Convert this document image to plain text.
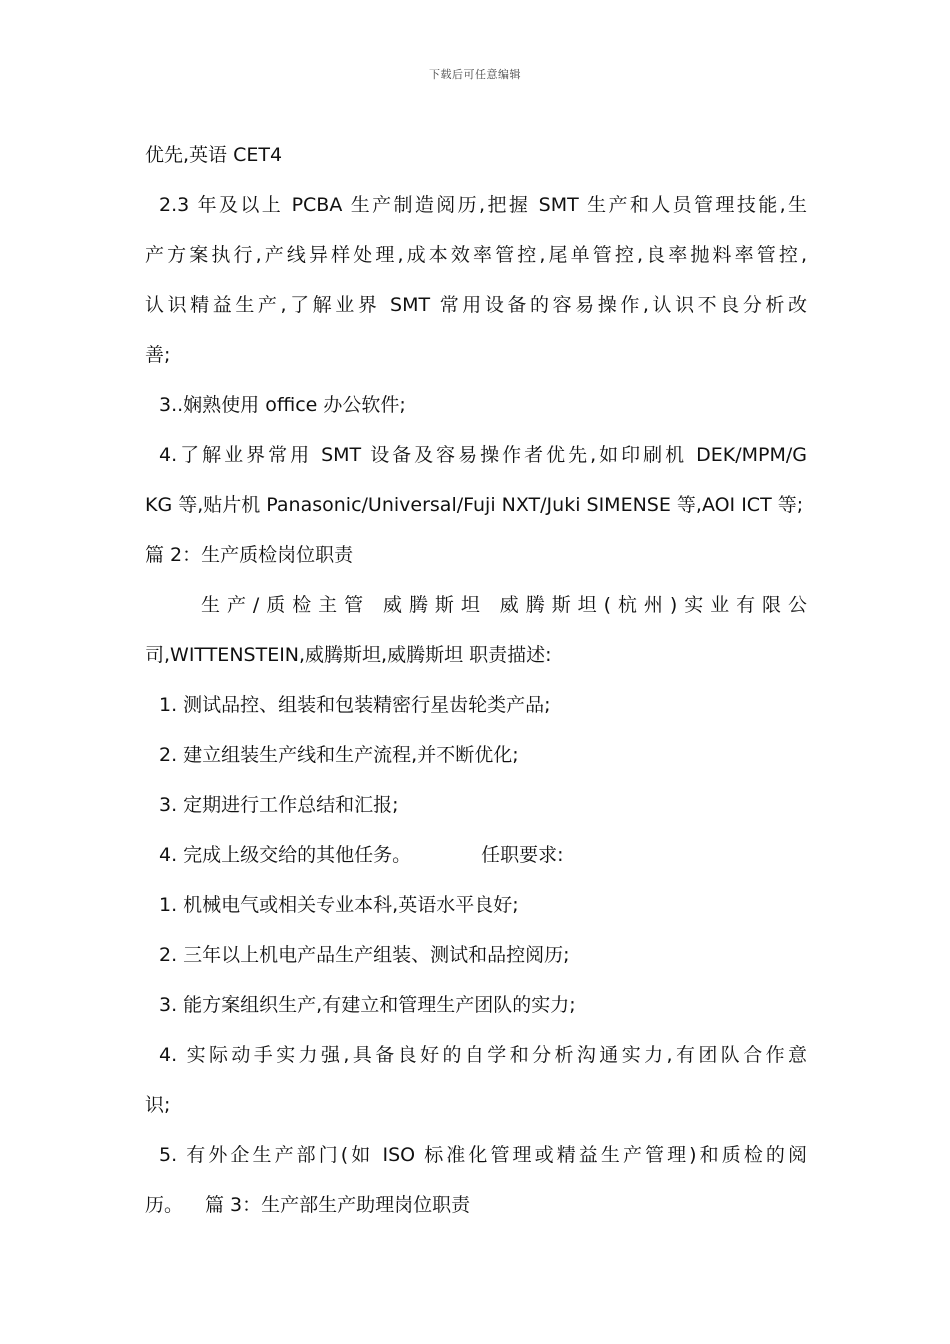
下载后可任意编辑
优先,英语 CET4
2.3 年及以上 PCBA 生产制造阅历,把握 SMT 生产和人员管理技能,生
产方案执行,产线异样处理,成本效率管控,尾单管控,良率抛料率管控,
认识精益生产,了解业界 SMT 常用设备的容易操作,认识不良分析改
善;
3..娴熟使用 office 办公软件;
4.了解业界常用 SMT 设备及容易操作者优先,如印刷机 DEK/MPM/G
KG 等,贴片机 Panasonic/Universal/Fuji NXT/Juki SIMENSE 等,AOI ICT 等;
篇 2：生产质检岗位职责
生产/质检主管 威腾斯坦 威腾斯坦(杭州)实业有限公
司,WITTENSTEIN,威腾斯坦,威腾斯坦 职责描述:
1. 测试品控、组装和包装精密行星齿轮类产品;
2. 建立组装生产线和生产流程,并不断优化;
3. 定期进行工作总结和汇报;
4. 完成上级交给的其他任务。	任职要求:
1. 机械电气或相关专业本科,英语水平良好;
2. 三年以上机电产品生产组装、测试和品控阅历;
3. 能方案组织生产,有建立和管理生产团队的实力;
4. 实际动手实力强,具备良好的自学和分析沟通实力,有团队合作意
识;
5. 有外企生产部门(如 ISO 标准化管理或精益生产管理)和质检的阅
历。 篇 3：生产部生产助理岗位职责
